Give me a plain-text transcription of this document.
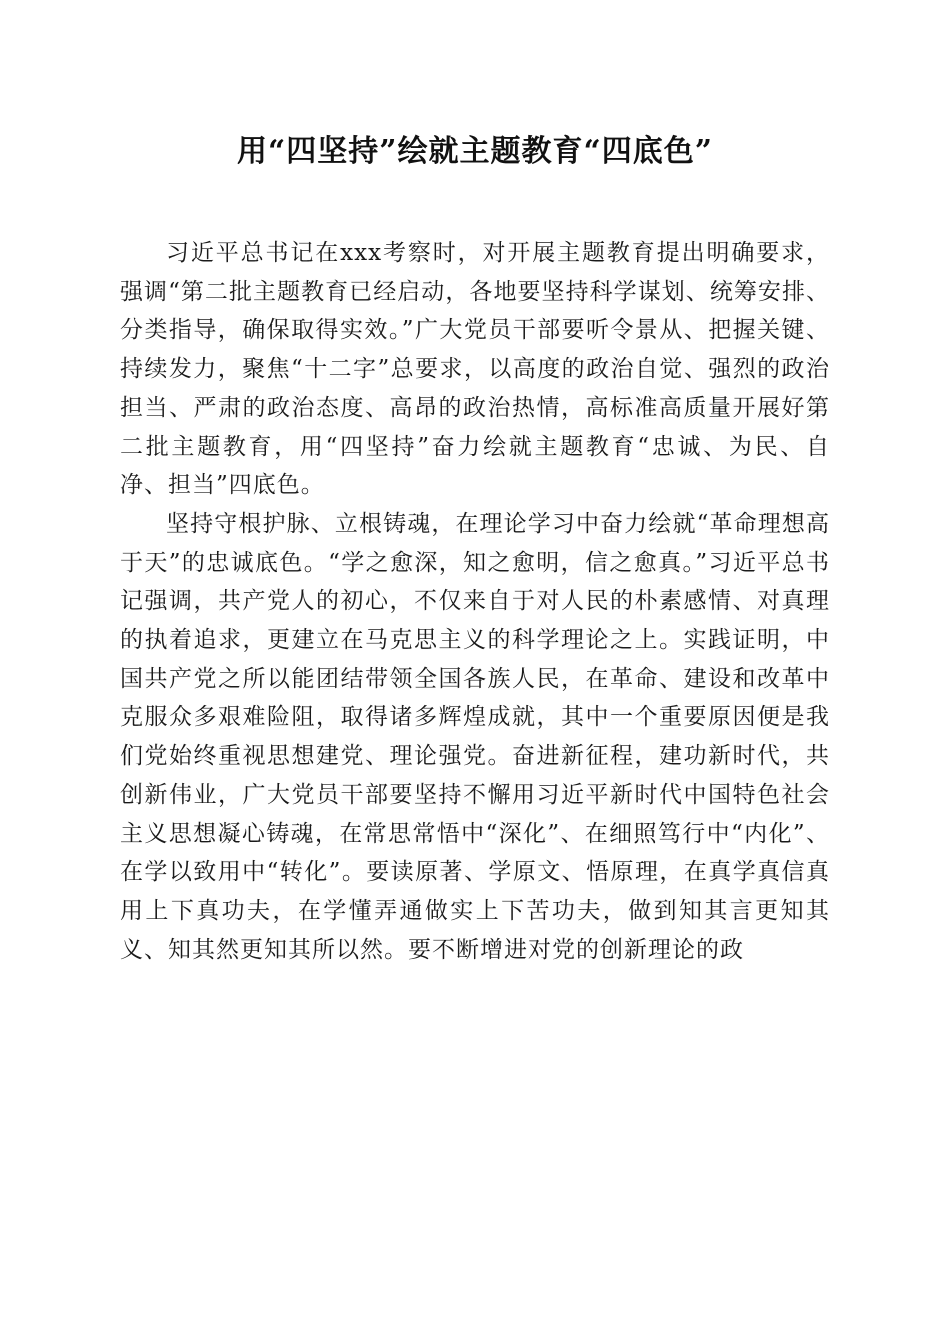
用“四坚持”绘就主题教育“四底色”

习近平总书记在xxx考察时，对开展主题教育提出明确要求，强调“第二批主题教育已经启动，各地要坚持科学谋划、统筹安排、分类指导，确保取得实效。”广大党员干部要听令景从、把握关键、持续发力，聚焦“十二字”总要求，以高度的政治自觉、强烈的政治担当、严肃的政治态度、高昂的政治热情，高标准高质量开展好第二批主题教育，用“四坚持”奋力绘就主题教育“忠诚、为民、自净、担当”四底色。

坚持守根护脉、立根铸魂，在理论学习中奋力绘就“革命理想高于天”的忠诚底色。“学之愈深，知之愈明，信之愈真。”习近平总书记强调，共产党人的初心，不仅来自于对人民的朴素感情、对真理的执着追求，更建立在马克思主义的科学理论之上。实践证明，中国共产党之所以能团结带领全国各族人民，在革命、建设和改革中克服众多艰难险阻，取得诸多辉煌成就，其中一个重要原因便是我们党始终重视思想建党、理论强党。奋进新征程，建功新时代，共创新伟业，广大党员干部要坚持不懈用习近平新时代中国特色社会主义思想凝心铸魂，在常思常悟中“深化”、在细照笃行中“内化”、在学以致用中“转化”。要读原著、学原文、悟原理，在真学真信真用上下真功夫，在学懂弄通做实上下苦功夫，做到知其言更知其义、知其然更知其所以然。要不断增进对党的创新理论的政
